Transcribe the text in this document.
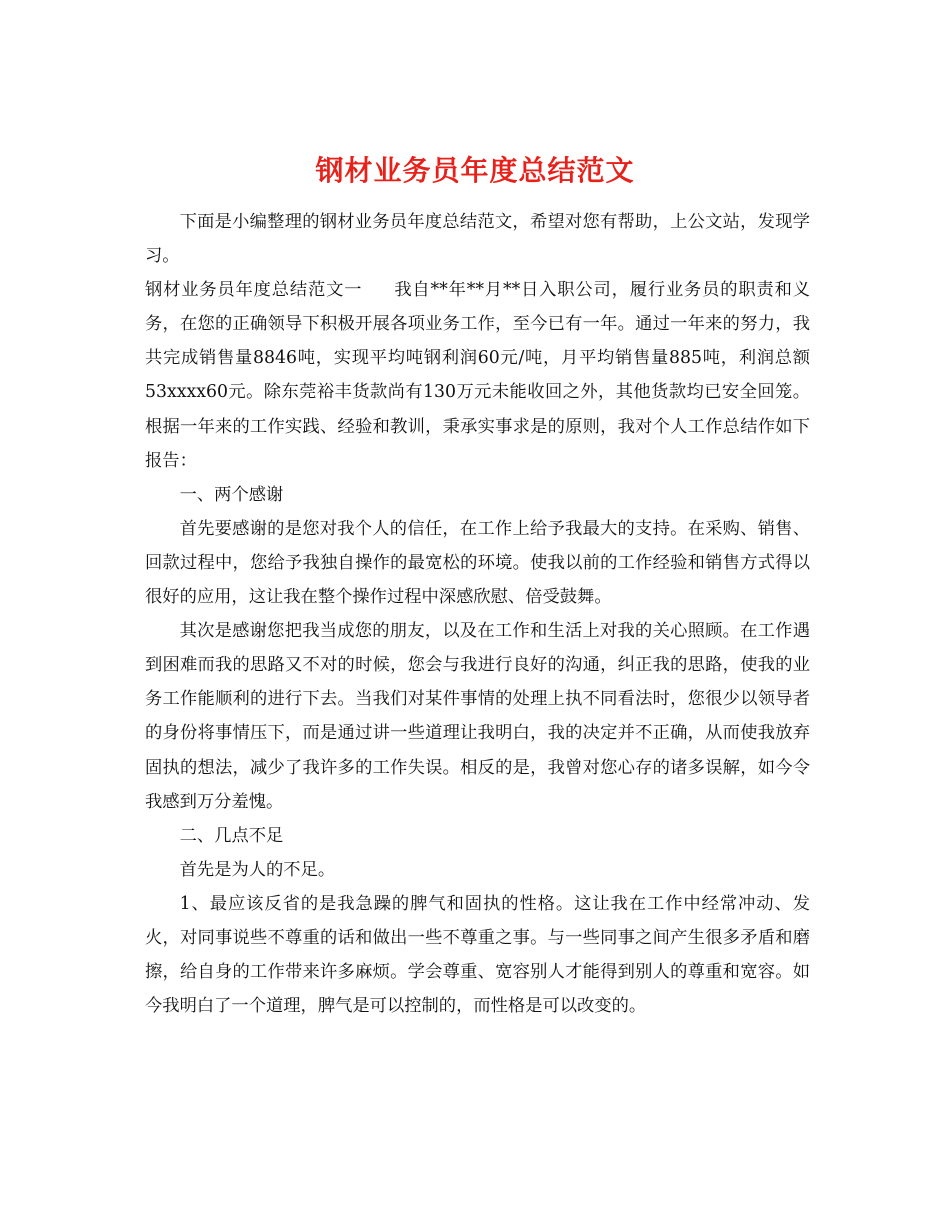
钢材业务员年度总结范文

下面是小编整理的钢材业务员年度总结范文，希望对您有帮助，上公文站，发现学习。

钢材业务员年度总结范文一 我自**年**月**日入职公司，履行业务员的职责和义务，在您的正确领导下积极开展各项业务工作，至今已有一年。通过一年来的努力，我共完成销售量8846吨，实现平均吨钢利润60元/吨，月平均销售量885吨，利润总额53xxxx60元。除东莞裕丰货款尚有130万元未能收回之外，其他货款均已安全回笼。根据一年来的工作实践、经验和教训，秉承实事求是的原则，我对个人工作总结作如下报告：

一、两个感谢

首先要感谢的是您对我个人的信任，在工作上给予我最大的支持。在采购、销售、回款过程中，您给予我独自操作的最宽松的环境。使我以前的工作经验和销售方式得以很好的应用，这让我在整个操作过程中深感欣慰、倍受鼓舞。

其次是感谢您把我当成您的朋友，以及在工作和生活上对我的关心照顾。在工作遇到困难而我的思路又不对的时候，您会与我进行良好的沟通，纠正我的思路，使我的业务工作能顺利的进行下去。当我们对某件事情的处理上执不同看法时，您很少以领导者的身份将事情压下，而是通过讲一些道理让我明白，我的决定并不正确，从而使我放弃固执的想法，减少了我许多的工作失误。相反的是，我曾对您心存的诸多误解，如今令我感到万分羞愧。

二、几点不足

首先是为人的不足。

1、最应该反省的是我急躁的脾气和固执的性格。这让我在工作中经常冲动、发火，对同事说些不尊重的话和做出一些不尊重之事。与一些同事之间产生很多矛盾和磨擦，给自身的工作带来许多麻烦。学会尊重、宽容别人才能得到别人的尊重和宽容。如今我明白了一个道理，脾气是可以控制的，而性格是可以改变的。
